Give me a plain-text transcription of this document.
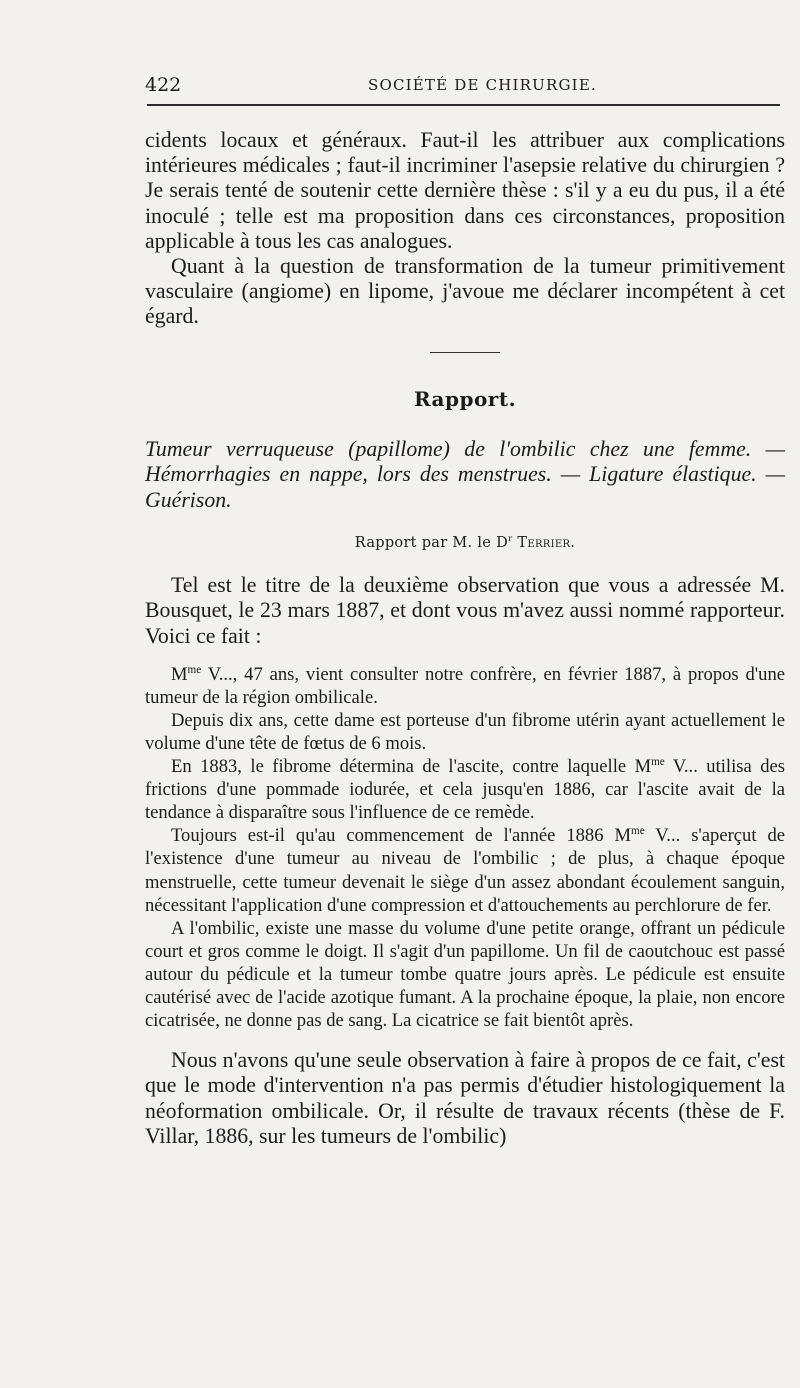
422	SOCIÉTÉ DE CHIRURGIE.

cidents locaux et généraux. Faut-il les attribuer aux complications intérieures médicales ; faut-il incriminer l'asepsie relative du chirurgien ? Je serais tenté de soutenir cette dernière thèse : s'il y a eu du pus, il a été inoculé ; telle est ma proposition dans ces circonstances, proposition applicable à tous les cas analogues.

Quant à la question de transformation de la tumeur primitivement vasculaire (angiome) en lipome, j'avoue me déclarer incompétent à cet égard.

Rapport.

Tumeur verruqueuse (papillome) de l'ombilic chez une femme. — Hémorrhagies en nappe, lors des menstrues. — Ligature élastique. — Guérison.

Rapport par M. le $D^r$ Terrier.

Tel est le titre de la deuxième observation que vous a adressée M. Bousquet, le 23 mars 1887, et dont vous m'avez aussi nommé rapporteur. Voici ce fait :

$M^{me}$ V..., 47 ans, vient consulter notre confrère, en février 1887, à propos d'une tumeur de la région ombilicale.

Depuis dix ans, cette dame est porteuse d'un fibrome utérin ayant actuellement le volume d'une tête de fœtus de 6 mois.

En 1883, le fibrome détermina de l'ascite, contre laquelle $M^{me}$ V... utilisa des frictions d'une pommade iodurée, et cela jusqu'en 1886, car l'ascite avait de la tendance à disparaître sous l'influence de ce remède.

Toujours est-il qu'au commencement de l'année 1886 $M^{me}$ V... s'aperçut de l'existence d'une tumeur au niveau de l'ombilic ; de plus, à chaque époque menstruelle, cette tumeur devenait le siège d'un assez abondant écoulement sanguin, nécessitant l'application d'une compression et d'attouchements au perchlorure de fer.

A l'ombilic, existe une masse du volume d'une petite orange, offrant un pédicule court et gros comme le doigt. Il s'agit d'un papillome. Un fil de caoutchouc est passé autour du pédicule et la tumeur tombe quatre jours après. Le pédicule est ensuite cautérisé avec de l'acide azotique fumant. A la prochaine époque, la plaie, non encore cicatrisée, ne donne pas de sang. La cicatrice se fait bientôt après.

Nous n'avons qu'une seule observation à faire à propos de ce fait, c'est que le mode d'intervention n'a pas permis d'étudier histologiquement la néoformation ombilicale. Or, il résulte de travaux récents (thèse de F. Villar, 1886, sur les tumeurs de l'ombilic)
